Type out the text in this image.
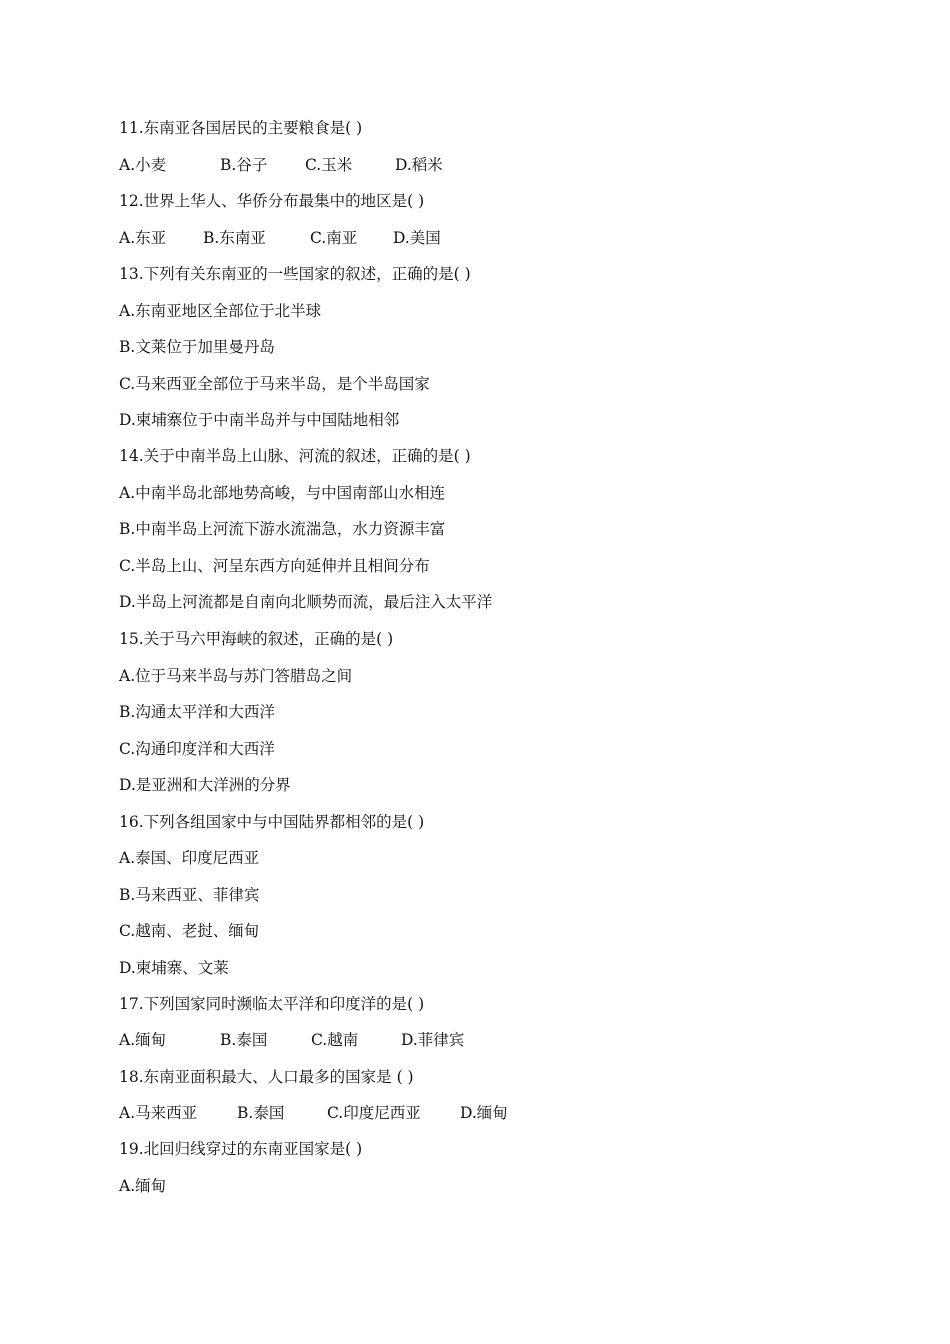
11.东南亚各国居民的主要粮食是( )
A.小麦	B.谷子 C.玉米	D.稻米
12.世界上华人、华侨分布最集中的地区是( )
A.东亚 B.东南亚	C.南亚 D.美国
13.下列有关东南亚的一些国家的叙述，正确的是( )
A.东南亚地区全部位于北半球
B.文莱位于加里曼丹岛
C.马来西亚全部位于马来半岛，是个半岛国家
D.柬埔寨位于中南半岛并与中国陆地相邻
14.关于中南半岛上山脉、河流的叙述，正确的是( )
A.中南半岛北部地势高峻，与中国南部山水相连
B.中南半岛上河流下游水流湍急，水力资源丰富
C.半岛上山、河呈东西方向延伸并且相间分布
D.半岛上河流都是自南向北顺势而流，最后注入太平洋
15.关于马六甲海峡的叙述，正确的是( )
A.位于马来半岛与苏门答腊岛之间
B.沟通太平洋和大西洋
C.沟通印度洋和大西洋
D.是亚洲和大洋洲的分界
16.下列各组国家中与中国陆界都相邻的是( )
A.泰国、印度尼西亚
B.马来西亚、菲律宾
C.越南、老挝、缅甸
D.柬埔寨、文莱
17.下列国家同时濒临太平洋和印度洋的是( )
A.缅甸	B.泰国	C.越南	D.菲律宾
18.东南亚面积最大、人口最多的国家是 ( )
A.马来西亚	B.泰国	C.印度尼西亚	D.缅甸
19.北回归线穿过的东南亚国家是( )
A.缅甸
